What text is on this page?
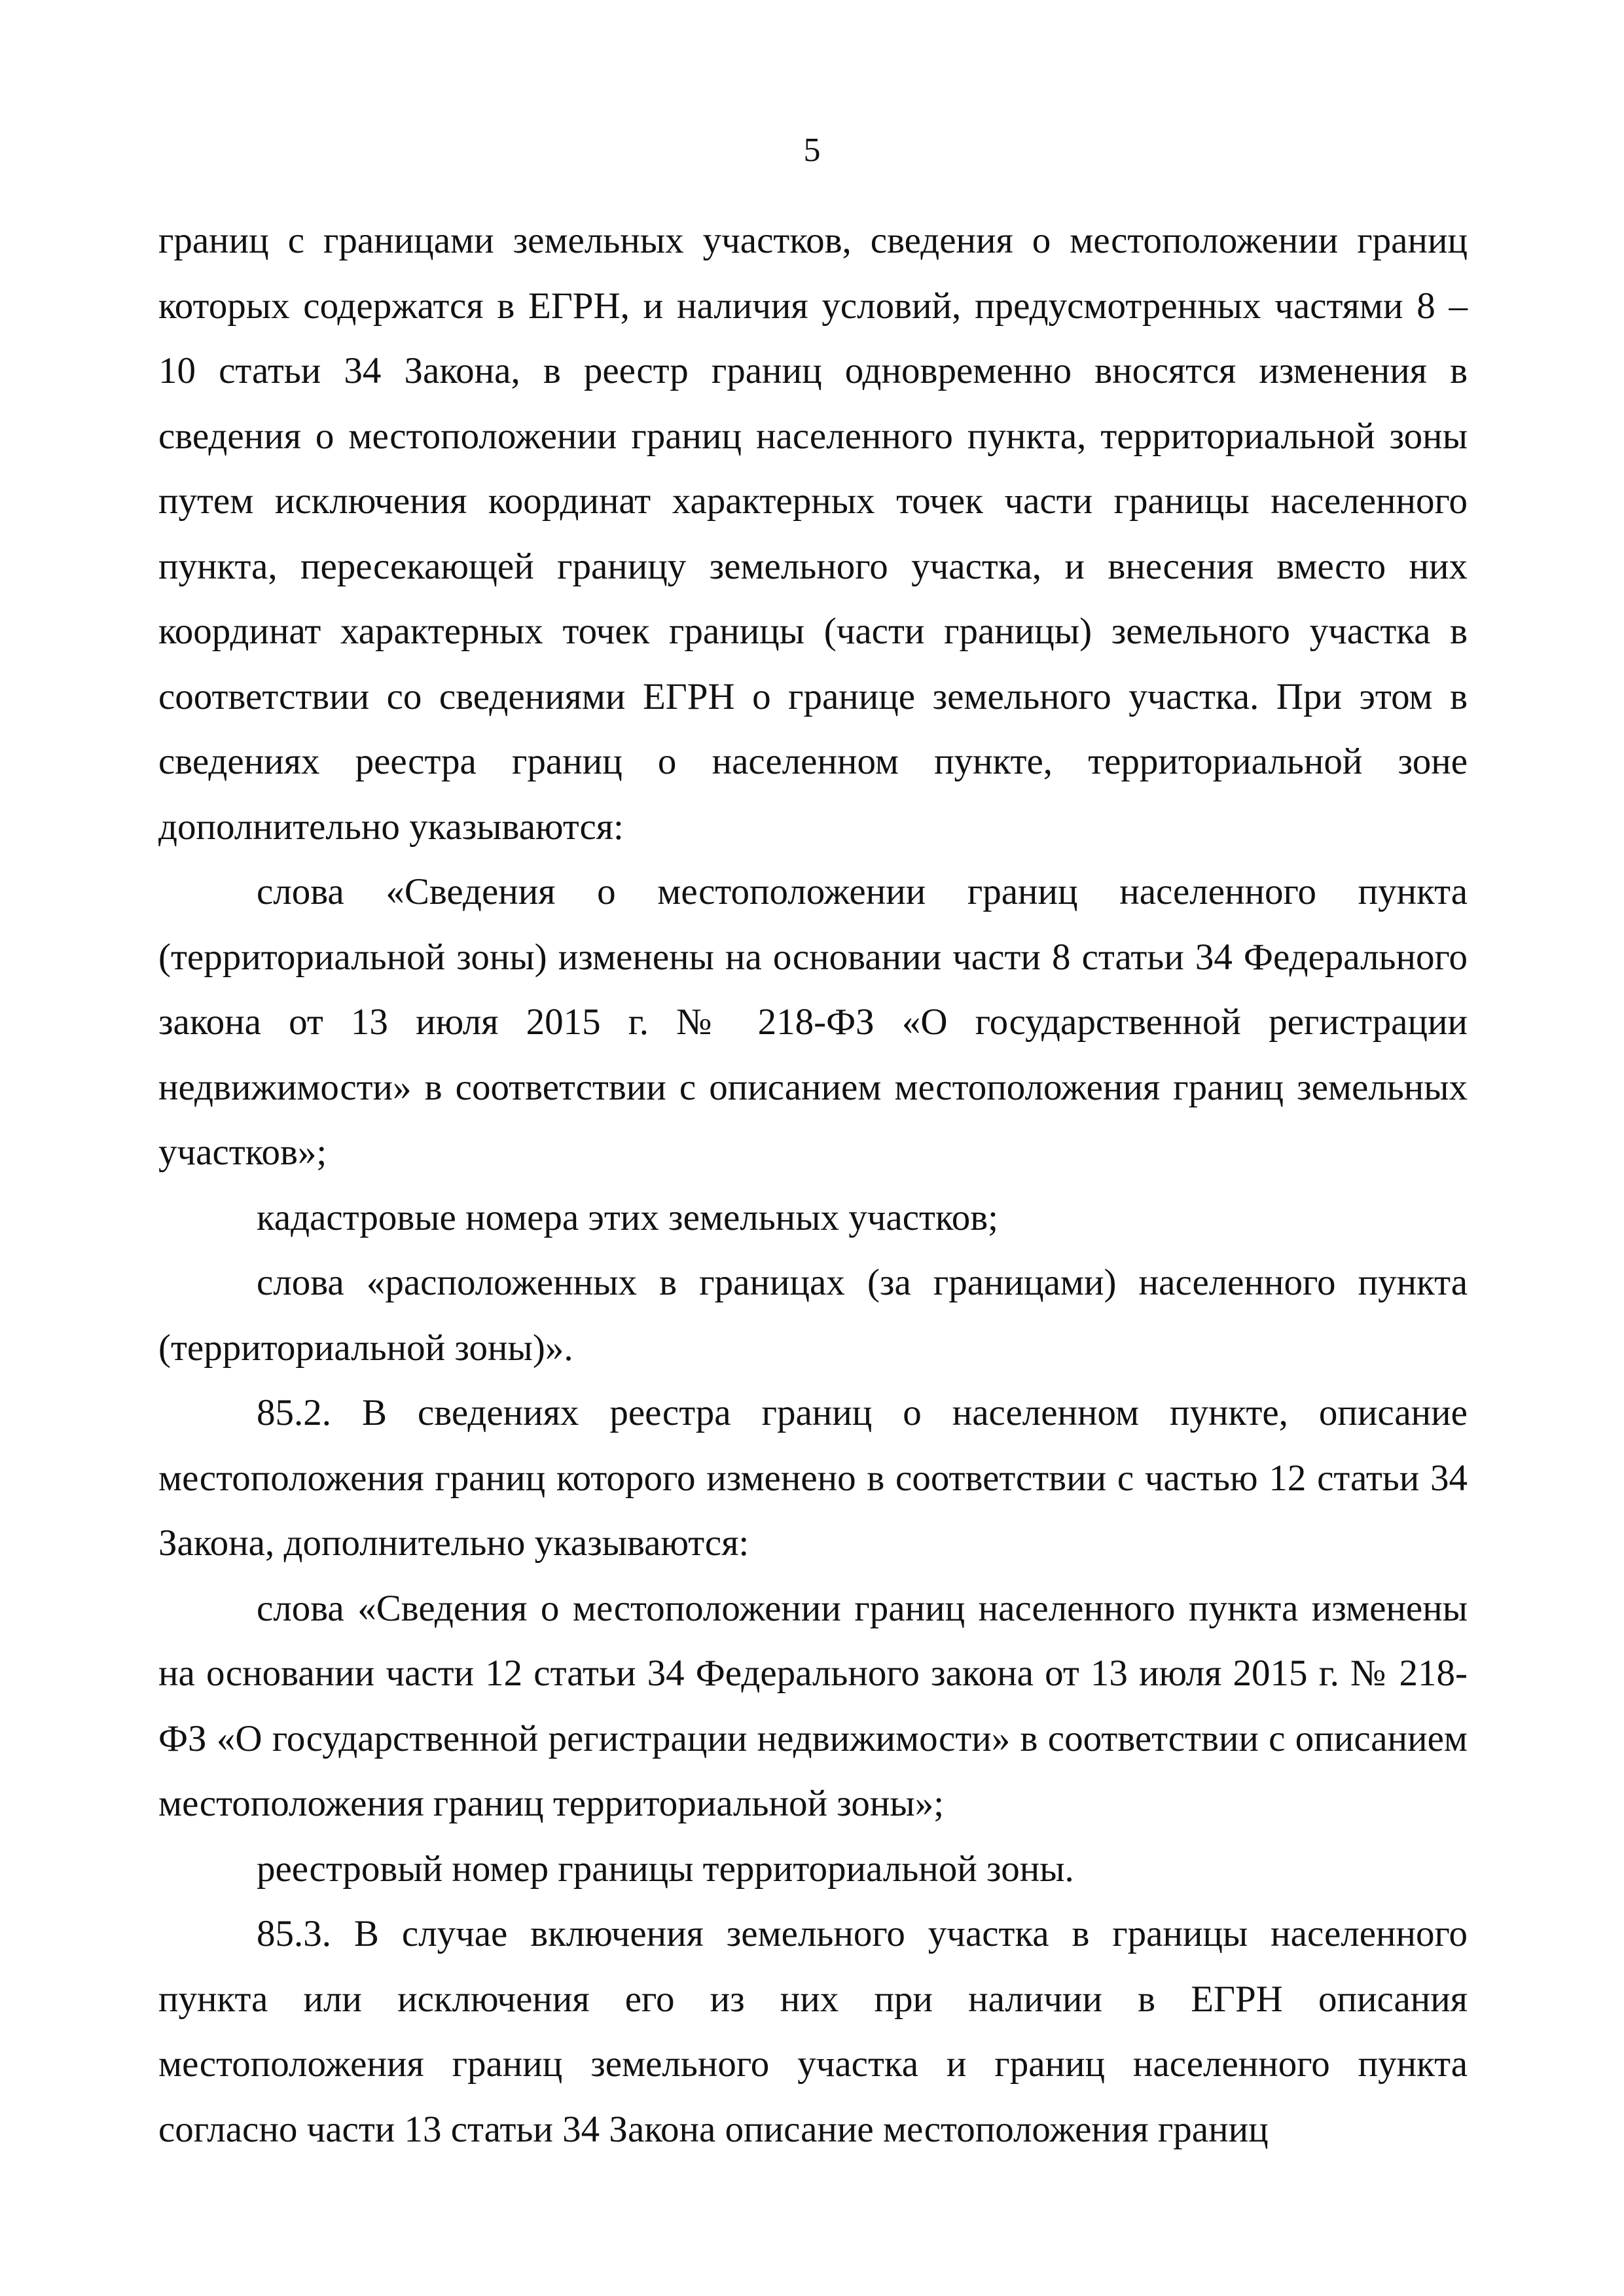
5

границ с границами земельных участков, сведения о местоположении границ которых содержатся в ЕГРН, и наличия условий, предусмотренных частями 8 – 10 статьи 34 Закона, в реестр границ одновременно вносятся изменения в сведения о местоположении границ населенного пункта, территориальной зоны путем исключения координат характерных точек части границы населенного пункта, пересекающей границу земельного участка, и внесения вместо них координат характерных точек границы (части границы) земельного участка в соответствии со сведениями ЕГРН о границе земельного участка. При этом в сведениях реестра границ о населенном пункте, территориальной зоне дополнительно указываются:

слова «Сведения о местоположении границ населенного пункта (территориальной зоны) изменены на основании части 8 статьи 34 Федерального закона от 13 июля 2015 г. № 218-ФЗ «О государственной регистрации недвижимости» в соответствии с описанием местоположения границ земельных участков»;

кадастровые номера этих земельных участков;

слова «расположенных в границах (за границами) населенного пункта (территориальной зоны)».

85.2. В сведениях реестра границ о населенном пункте, описание местоположения границ которого изменено в соответствии с частью 12 статьи 34 Закона, дополнительно указываются:

слова «Сведения о местоположении границ населенного пункта изменены на основании части 12 статьи 34 Федерального закона от 13 июля 2015 г. № 218-ФЗ «О государственной регистрации недвижимости» в соответствии с описанием местоположения границ территориальной зоны»;

реестровый номер границы территориальной зоны.

85.3. В случае включения земельного участка в границы населенного пункта или исключения его из них при наличии в ЕГРН описания местоположения границ земельного участка и границ населенного пункта согласно части 13 статьи 34 Закона описание местоположения границ
